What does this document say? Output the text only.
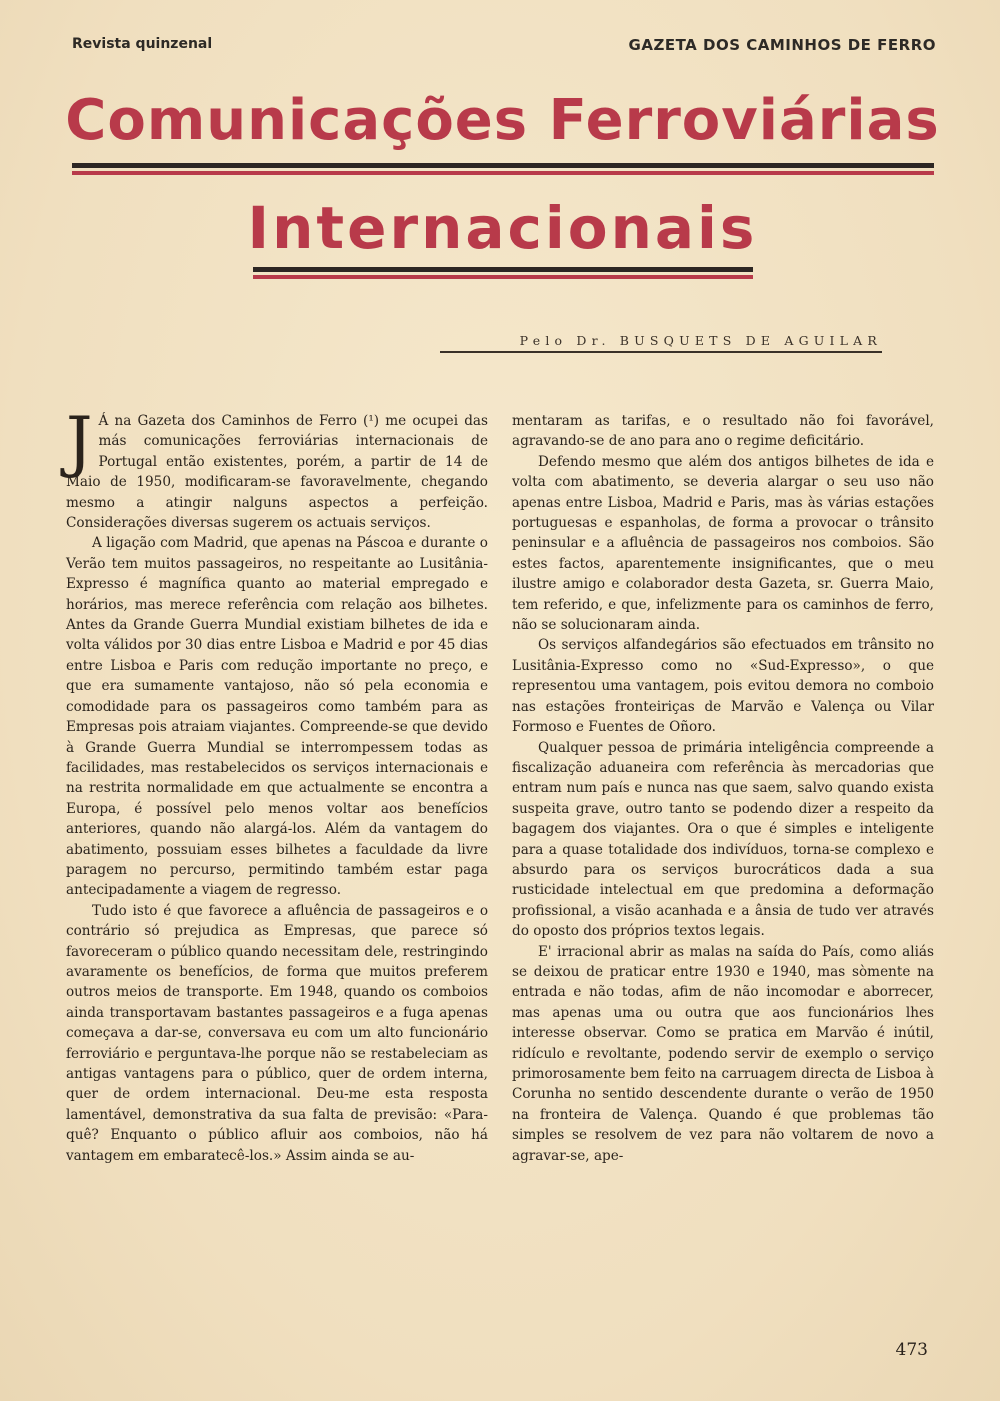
Revista quinzenal	GAZETA DOS CAMINHOS DE FERRO
Comunicações Ferroviárias
Internacionais
Pelo Dr. BUSQUETS DE AGUILAR
J Á na Gazeta dos Caminhos de Ferro (¹) me ocupei das más comunicações ferroviárias internacionais de Portugal então existentes, porém, a partir de 14 de Maio de 1950, modificaram-se favoravelmente, chegando mesmo a atingir nalguns aspectos a perfeição. Considerações diversas sugerem os actuais serviços.

A ligação com Madrid, que apenas na Páscoa e durante o Verão tem muitos passageiros, no respeitante ao Lusitânia-Expresso é magnífica quanto ao material empregado e horários, mas merece referência com relação aos bilhetes. Antes da Grande Guerra Mundial existiam bilhetes de ida e volta válidos por 30 dias entre Lisboa e Madrid e por 45 dias entre Lisboa e Paris com redução importante no preço, e que era sumamente vantajoso, não só pela economia e comodidade para os passageiros como também para as Empresas pois atraiam viajantes. Compreende-se que devido à Grande Guerra Mundial se interrompessem todas as facilidades, mas restabelecidos os serviços internacionais e na restrita normalidade em que actualmente se encontra a Europa, é possível pelo menos voltar aos benefícios anteriores, quando não alargá-los. Além da vantagem do abatimento, possuiam esses bilhetes a faculdade da livre paragem no percurso, permitindo também estar paga antecipadamente a viagem de regresso.

Tudo isto é que favorece a afluência de passageiros e o contrário só prejudica as Empresas, que parece só favoreceram o público quando necessitam dele, restringindo avaramente os benefícios, de forma que muitos preferem outros meios de transporte. Em 1948, quando os comboios ainda transportavam bastantes passageiros e a fuga apenas começava a dar-se, conversava eu com um alto funcionário ferroviário e perguntava-lhe porque não se restabeleciam as antigas vantagens para o público, quer de ordem interna, quer de ordem internacional. Deu-me esta resposta lamentável, demonstrativa da sua falta de previsão: «Para-quê? Enquanto o público afluir aos comboios, não há vantagem em embaratecê-los.» Assim ainda se au-

mentaram as tarifas, e o resultado não foi favorável, agravando-se de ano para ano o regime deficitário.

Defendo mesmo que além dos antigos bilhetes de ida e volta com abatimento, se deveria alargar o seu uso não apenas entre Lisboa, Madrid e Paris, mas às várias estações portuguesas e espanholas, de forma a provocar o trânsito peninsular e a afluência de passageiros nos comboios. São estes factos, aparentemente insignificantes, que o meu ilustre amigo e colaborador desta Gazeta, sr. Guerra Maio, tem referido, e que, infelizmente para os caminhos de ferro, não se solucionaram ainda.

Os serviços alfandegários são efectuados em trânsito no Lusitânia-Expresso como no «Sud-Expresso», o que representou uma vantagem, pois evitou demora no comboio nas estações fronteiriças de Marvão e Valença ou Vilar Formoso e Fuentes de Oñoro.

Qualquer pessoa de primária inteligência compreende a fiscalização aduaneira com referência às mercadorias que entram num país e nunca nas que saem, salvo quando exista suspeita grave, outro tanto se podendo dizer a respeito da bagagem dos viajantes. Ora o que é simples e inteligente para a quase totalidade dos indivíduos, torna-se complexo e absurdo para os serviços burocráticos dada a sua rusticidade intelectual em que predomina a deformação profissional, a visão acanhada e a ânsia de tudo ver através do oposto dos próprios textos legais.

E' irracional abrir as malas na saída do País, como aliás se deixou de praticar entre 1930 e 1940, mas sòmente na entrada e não todas, afim de não incomodar e aborrecer, mas apenas uma ou outra que aos funcionários lhes interesse observar. Como se pratica em Marvão é inútil, ridículo e revoltante, podendo servir de exemplo o serviço primorosamente bem feito na carruagem directa de Lisboa à Corunha no sentido descendente durante o verão de 1950 na fronteira de Valença. Quando é que problemas tão simples se resolvem de vez para não voltarem de novo a agravar-se, ape-

473
